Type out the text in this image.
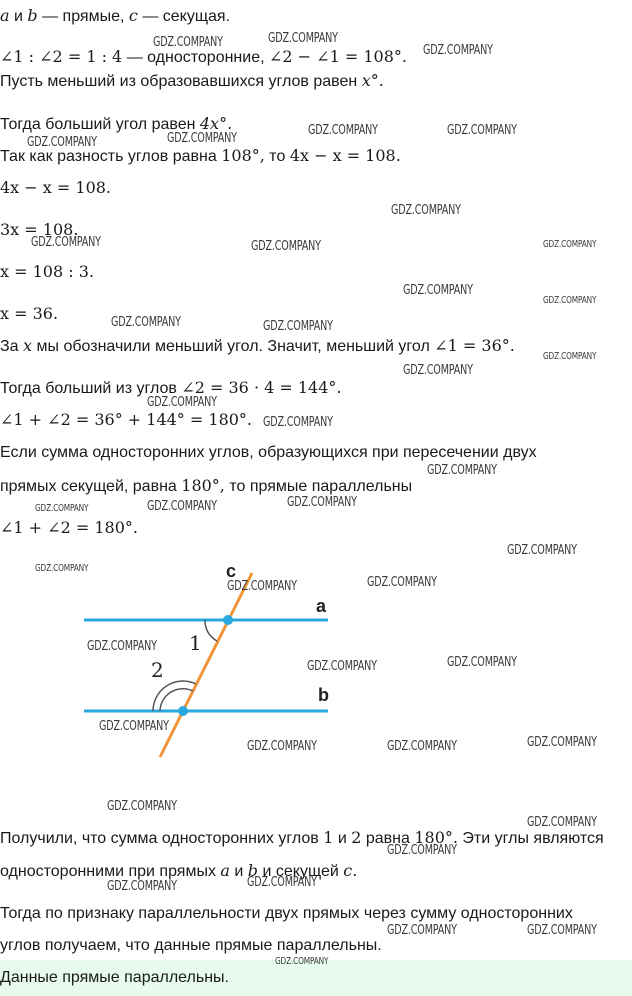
a и b — прямые, c — секущая.
∠1 : ∠2 = 1 : 4 — односторонние, ∠2 − ∠1 = 108°.
Пусть меньший из образовавшихся углов равен x°.
Тогда больший угол равен 4x°.
Так как разность углов равна 108°, то 4x − x = 108.
4x − x = 108.
3x = 108.
x = 108 : 3.
x = 36.
За x мы обозначили меньший угол. Значит, меньший угол ∠1 = 36°.
Тогда больший из углов ∠2 = 36 · 4 = 144°.
∠1 + ∠2 = 36° + 144° = 180°.
Если сумма односторонних углов, образующихся при пересечении двух
прямых секущей, равна 180°, то прямые параллельны
∠1 + ∠2 = 180°.
c
a
b
1
2
Получили, что сумма односторонних углов 1 и 2 равна 180°. Эти углы являются
односторонними при прямых a и b и секущей c.
Тогда по признаку параллельности двух прямых через сумму односторонних
углов получаем, что данные прямые параллельны.
Данные прямые параллельны.
GDZ.COMPANY	GDZ.COMPANY
GDZ.COMPANY
GDZ.COMPANY	GDZ.COMPANY
GDZ.COMPANY	GDZ.COMPANY
GDZ.COMPANY
GDZ.COMPANY	GDZ.COMPANY	GDZ.COMPANY
GDZ.COMPANY
GDZ.COMPANY
GDZ.COMPANY	GDZ.COMPANY
GDZ.COMPANY
GDZ.COMPANY
GDZ.COMPANY
GDZ.COMPANY
GDZ.COMPANY
GDZ.COMPANY
GDZ.COMPANY	GDZ.COMPANY
GDZ.COMPANY
GDZ.COMPANY
GDZ.COMPANY	GDZ.COMPANY
GDZ.COMPANY
GDZ.COMPANY	GDZ.COMPANY
GDZ.COMPANY
GDZ.COMPANY	GDZ.COMPANY	GDZ.COMPANY
GDZ.COMPANY
GDZ.COMPANY
GDZ.COMPANY
GDZ.COMPANY	GDZ.COMPANY
GDZ.COMPANY	GDZ.COMPANY
GDZ.COMPANY
